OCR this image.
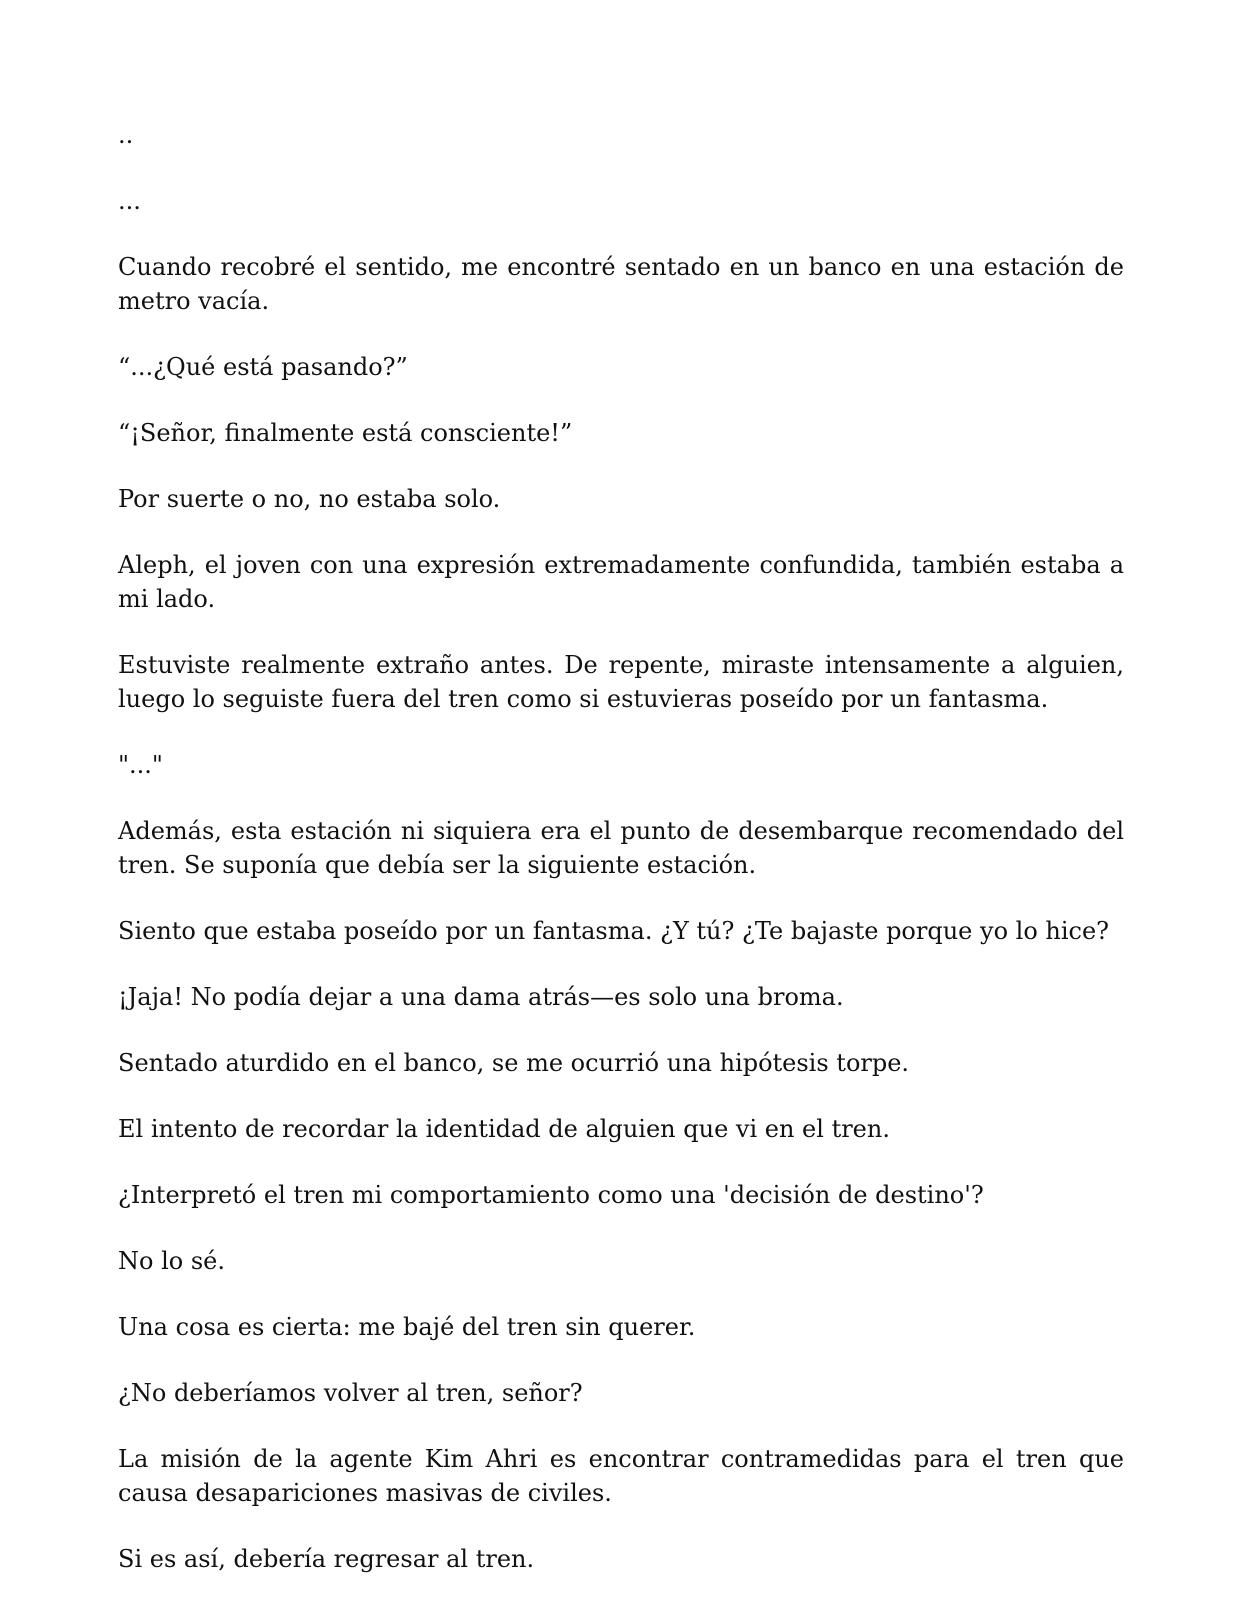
..

...

Cuando recobré el sentido, me encontré sentado en un banco en una estación de metro vacía.

“...¿Qué está pasando?”

“¡Señor, finalmente está consciente!”

Por suerte o no, no estaba solo.

Aleph, el joven con una expresión extremadamente confundida, también estaba a mi lado.

Estuviste realmente extraño antes. De repente, miraste intensamente a alguien, luego lo seguiste fuera del tren como si estuvieras poseído por un fantasma.

"..."

Además, esta estación ni siquiera era el punto de desembarque recomendado del tren. Se suponía que debía ser la siguiente estación.

Siento que estaba poseído por un fantasma. ¿Y tú? ¿Te bajaste porque yo lo hice?

¡Jaja! No podía dejar a una dama atrás—es solo una broma.

Sentado aturdido en el banco, se me ocurrió una hipótesis torpe.

El intento de recordar la identidad de alguien que vi en el tren.

¿Interpretó el tren mi comportamiento como una 'decisión de destino'?

No lo sé.

Una cosa es cierta: me bajé del tren sin querer.

¿No deberíamos volver al tren, señor?

La misión de la agente Kim Ahri es encontrar contramedidas para el tren que causa desapariciones masivas de civiles.

Si es así, debería regresar al tren.
